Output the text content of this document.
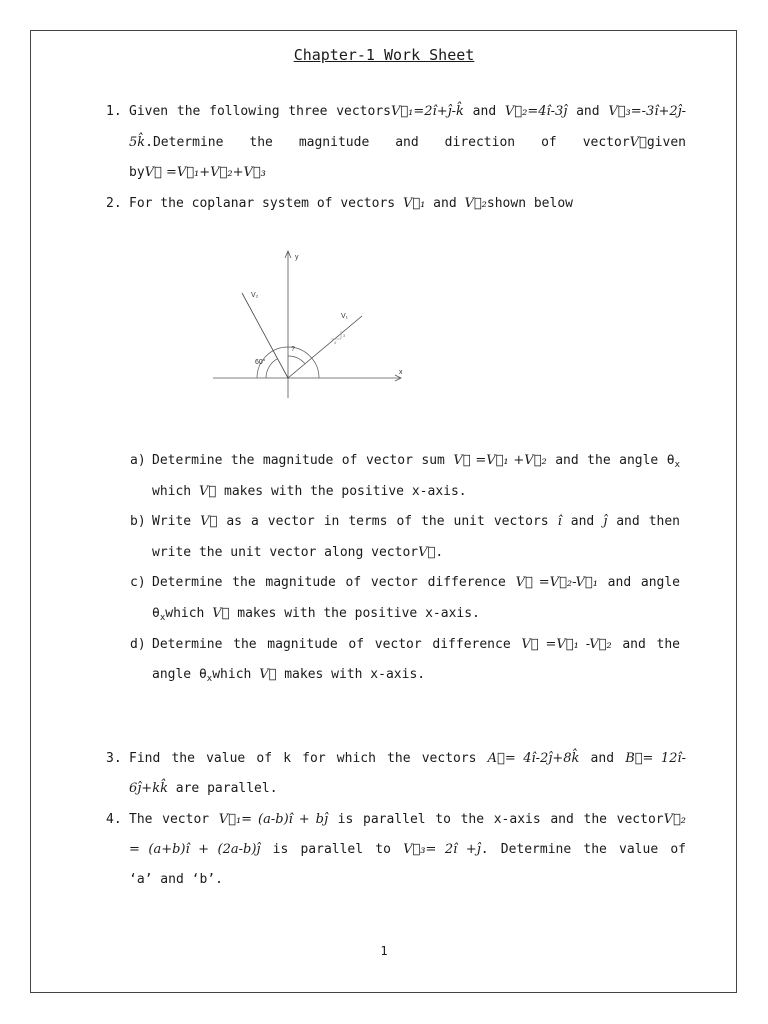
Chapter-1 Work Sheet
1. Given the following three vectorsV⃗₁=2î+ĵ-k̂ and V⃗₂=4î-3ĵ and V⃗₃=-3î+2ĵ-
5k̂.Determine the magnitude and direction of vectorV⃗given
byV⃗ =V⃗₁+V⃗₂+V⃗₃
2. For the coplanar system of vectors V⃗₁ and V⃗₂shown below
y
x
V₁
V₂
60°
?
3
4
a) Determine the magnitude of vector sum V⃗ =V⃗₁ +V⃗₂ and the angle $\theta_x$
which V⃗ makes with the positive x-axis.
b) Write V⃗ as a vector in terms of the unit vectors î and ĵ and then
write the unit vector along vectorV⃗.
c) Determine the magnitude of vector difference V⃗ =V⃗₂-V⃗₁ and angle
$\theta_xwhich$ V⃗ makes with the positive x-axis.
d) Determine the magnitude of vector difference V⃗ =V⃗₁ -V⃗₂ and the
angle $\theta_xwhich$ V⃗ makes with x-axis.
3. Find the value of k for which the vectors A⃗= 4î-2ĵ+8k̂ and B⃗= 12î-
6ĵ+kk̂ are parallel.
4. The vector V⃗₁= (a-b)î + bĵ is parallel to the x-axis and the vectorV⃗₂
= (a+b)î + (2a-b)ĵ is parallel to V⃗₃= 2î +ĵ. Determine the value of
‘a’ and ‘b’.
1
